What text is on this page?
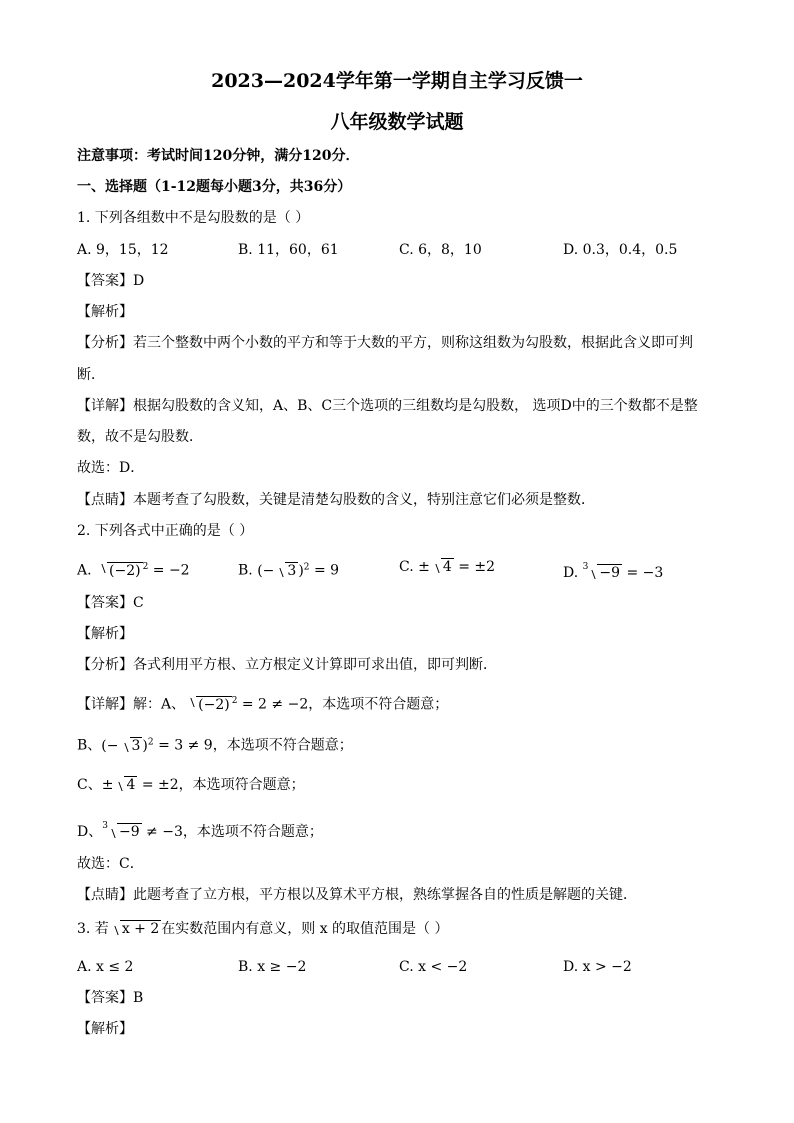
2023—2024学年第一学期自主学习反馈一
八年级数学试题
注意事项：考试时间120分钟，满分120分．
一、选择题（1-12题每小题3分，共36分）
1. 下列各组数中不是勾股数的是（ ）
A. 9，15，12	B. 11，60，61	C. 6，8，10	D. 0.3，0.4，0.5
【答案】D
【解析】
【分析】若三个整数中两个小数的平方和等于大数的平方，则称这组数为勾股数，根据此含义即可判
断．
【详解】根据勾股数的含义知，A、B、C三个选项的三组数均是勾股数， 选项D中的三个数都不是整
数，故不是勾股数．
故选：D．
【点睛】本题考查了勾股数，关键是清楚勾股数的含义，特别注意它们必须是整数．
2. 下列各式中正确的是（ ）
A. (−2) $^2$ = −2	B. (− 3 )$^2$ = 9	C. ± 4 = ±2	D. $^3$ −9 = −3
【答案】C
【解析】
【分析】各式利用平方根、立方根定义计算即可求出值，即可判断．
【详解】解：A、 (−2) $^2$ = 2 ≠ −2，本选项不符合题意；
B、(− 3 )$^2$ = 3 ≠ 9，本选项不符合题意；
C、± 4 = ±2，本选项符合题意；
D、$^3$ −9 ≠ −3，本选项不符合题意；
故选：C．
【点睛】此题考查了立方根，平方根以及算术平方根，熟练掌握各自的性质是解题的关键．
3. 若 x + 2 在实数范围内有意义，则 x 的取值范围是（ ）
A. x ≤ 2	B. x ≥ −2	C. x < −2	D. x > −2
【答案】B
【解析】
